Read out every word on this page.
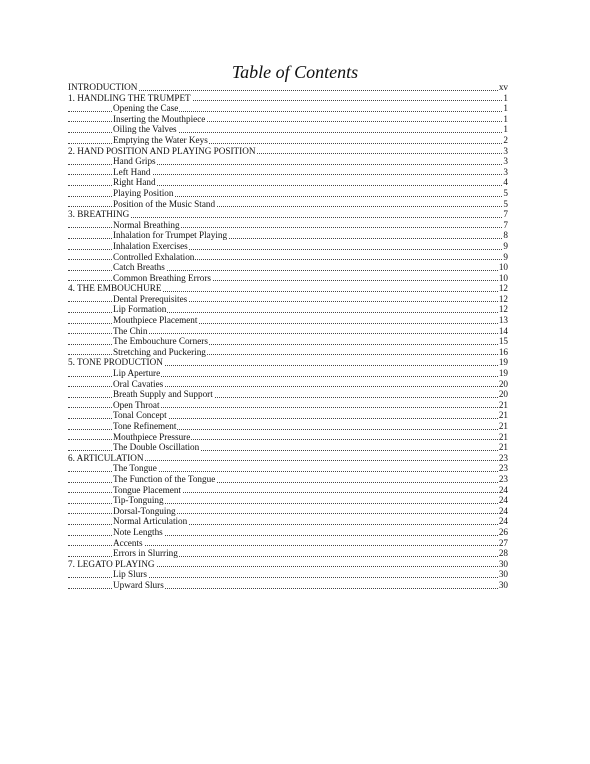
Table of Contents
INTRODUCTION	xv
1. HANDLING THE TRUMPET	1
Opening the Case	1
Inserting the Mouthpiece	1
Oiling the Valves	1
Emptying the Water Keys	2
2. HAND POSITION AND PLAYING POSITION	3
Hand Grips	3
Left Hand	3
Right Hand	4
Playing Position	5
Position of the Music Stand	5
3. BREATHING	7
Normal Breathing	7
Inhalation for Trumpet Playing	8
Inhalation Exercises	9
Controlled Exhalation	9
Catch Breaths	10
Common Breathing Errors	10
4. THE EMBOUCHURE	12
Dental Prerequisites	12
Lip Formation	12
Mouthpiece Placement	13
The Chin	14
The Embouchure Corners	15
Stretching and Puckering	16
5. TONE PRODUCTION	19
Lip Aperture	19
Oral Cavaties	20
Breath Supply and Support	20
Open Throat	21
Tonal Concept	21
Tone Refinement	21
Mouthpiece Pressure	21
The Double Oscillation	21
6. ARTICULATION	23
The Tongue	23
The Function of the Tongue	23
Tongue Placement	24
Tip-Tonguing	24
Dorsal-Tonguing	24
Normal Articulation	24
Note Lengths	26
Accents	27
Errors in Slurring	28
7. LEGATO PLAYING	30
Lip Slurs	30
Upward Slurs	30
